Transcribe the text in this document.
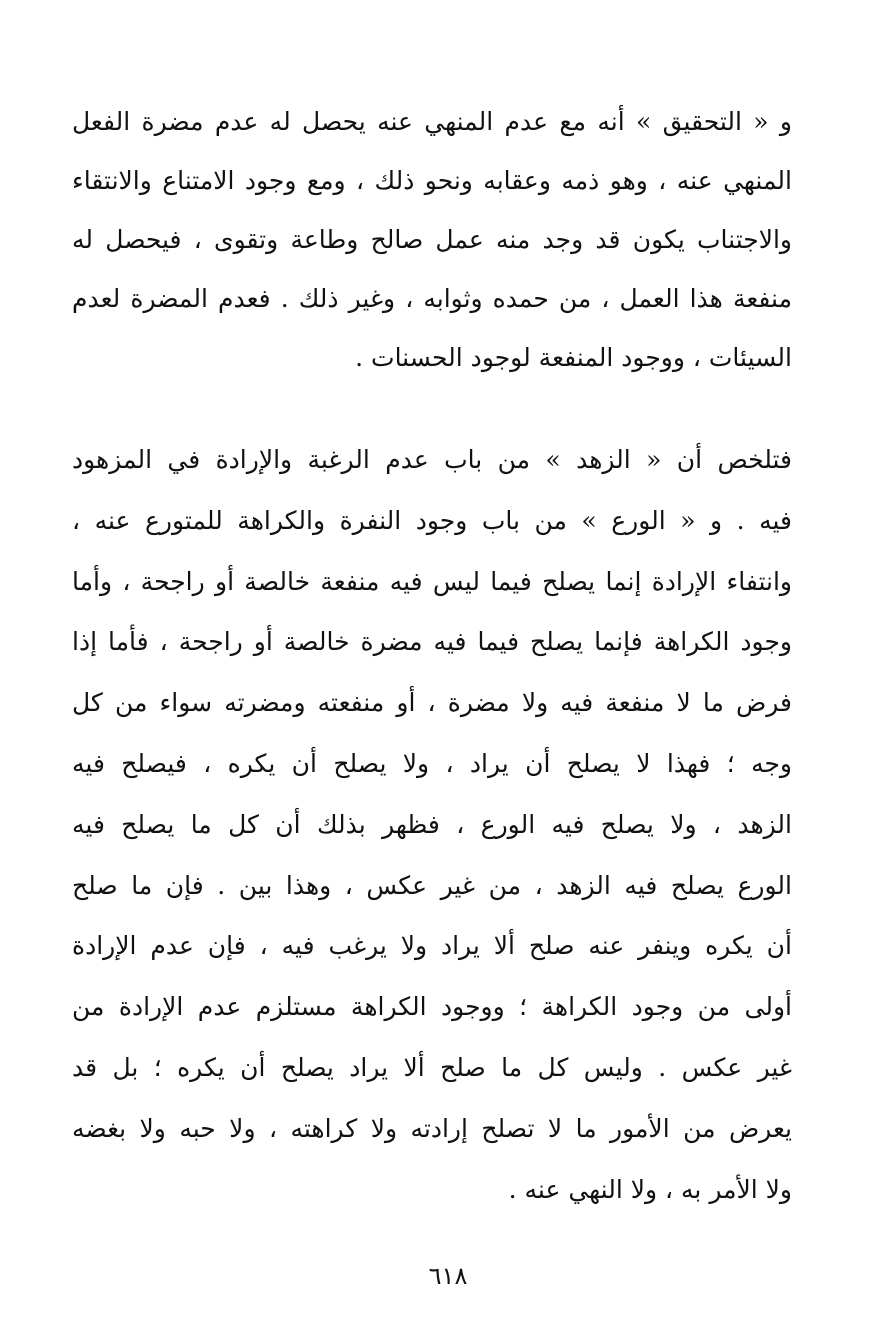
و « التحقيق » أنه مع عدم المنهي عنه يحصل له عدم مضرة الفعل
المنهي عنه ، وهو ذمه وعقابه ونحو ذلك ، ومع وجود الامتناع والانتقاء
والاجتناب يكون قد وجد منه عمل صالح وطاعة وتقوى ، فيحصل له
منفعة هذا العمل ، من حمده وثوابه ، وغير ذلك . فعدم المضرة لعدم
السيئات ، ووجود المنفعة لوجود الحسنات .
فتلخص أن « الزهد » من باب عدم الرغبة والإرادة في المزهود
فيه . و « الورع » من باب وجود النفرة والكراهة للمتورع عنه ،
وانتفاء الإرادة إنما يصلح فيما ليس فيه منفعة خالصة أو راجحة ، وأما
وجود الكراهة فإنما يصلح فيما فيه مضرة خالصة أو راجحة ، فأما إذا
فرض ما لا منفعة فيه ولا مضرة ، أو منفعته ومضرته سواء من كل
وجه ؛ فهذا لا يصلح أن يراد ، ولا يصلح أن يكره ، فيصلح فيه
الزهد ، ولا يصلح فيه الورع ، فظهر بذلك أن كل ما يصلح فيه
الورع يصلح فيه الزهد ، من غير عكس ، وهذا بين . فإن ما صلح
أن يكره وينفر عنه صلح ألا يراد ولا يرغب فيه ، فإن عدم الإرادة
أولى من وجود الكراهة ؛ ووجود الكراهة مستلزم عدم الإرادة من
غير عكس . وليس كل ما صلح ألا يراد يصلح أن يكره ؛ بل قد
يعرض من الأمور ما لا تصلح إرادته ولا كراهته ، ولا حبه ولا بغضه
ولا الأمر به ، ولا النهي عنه .
٦١٨
